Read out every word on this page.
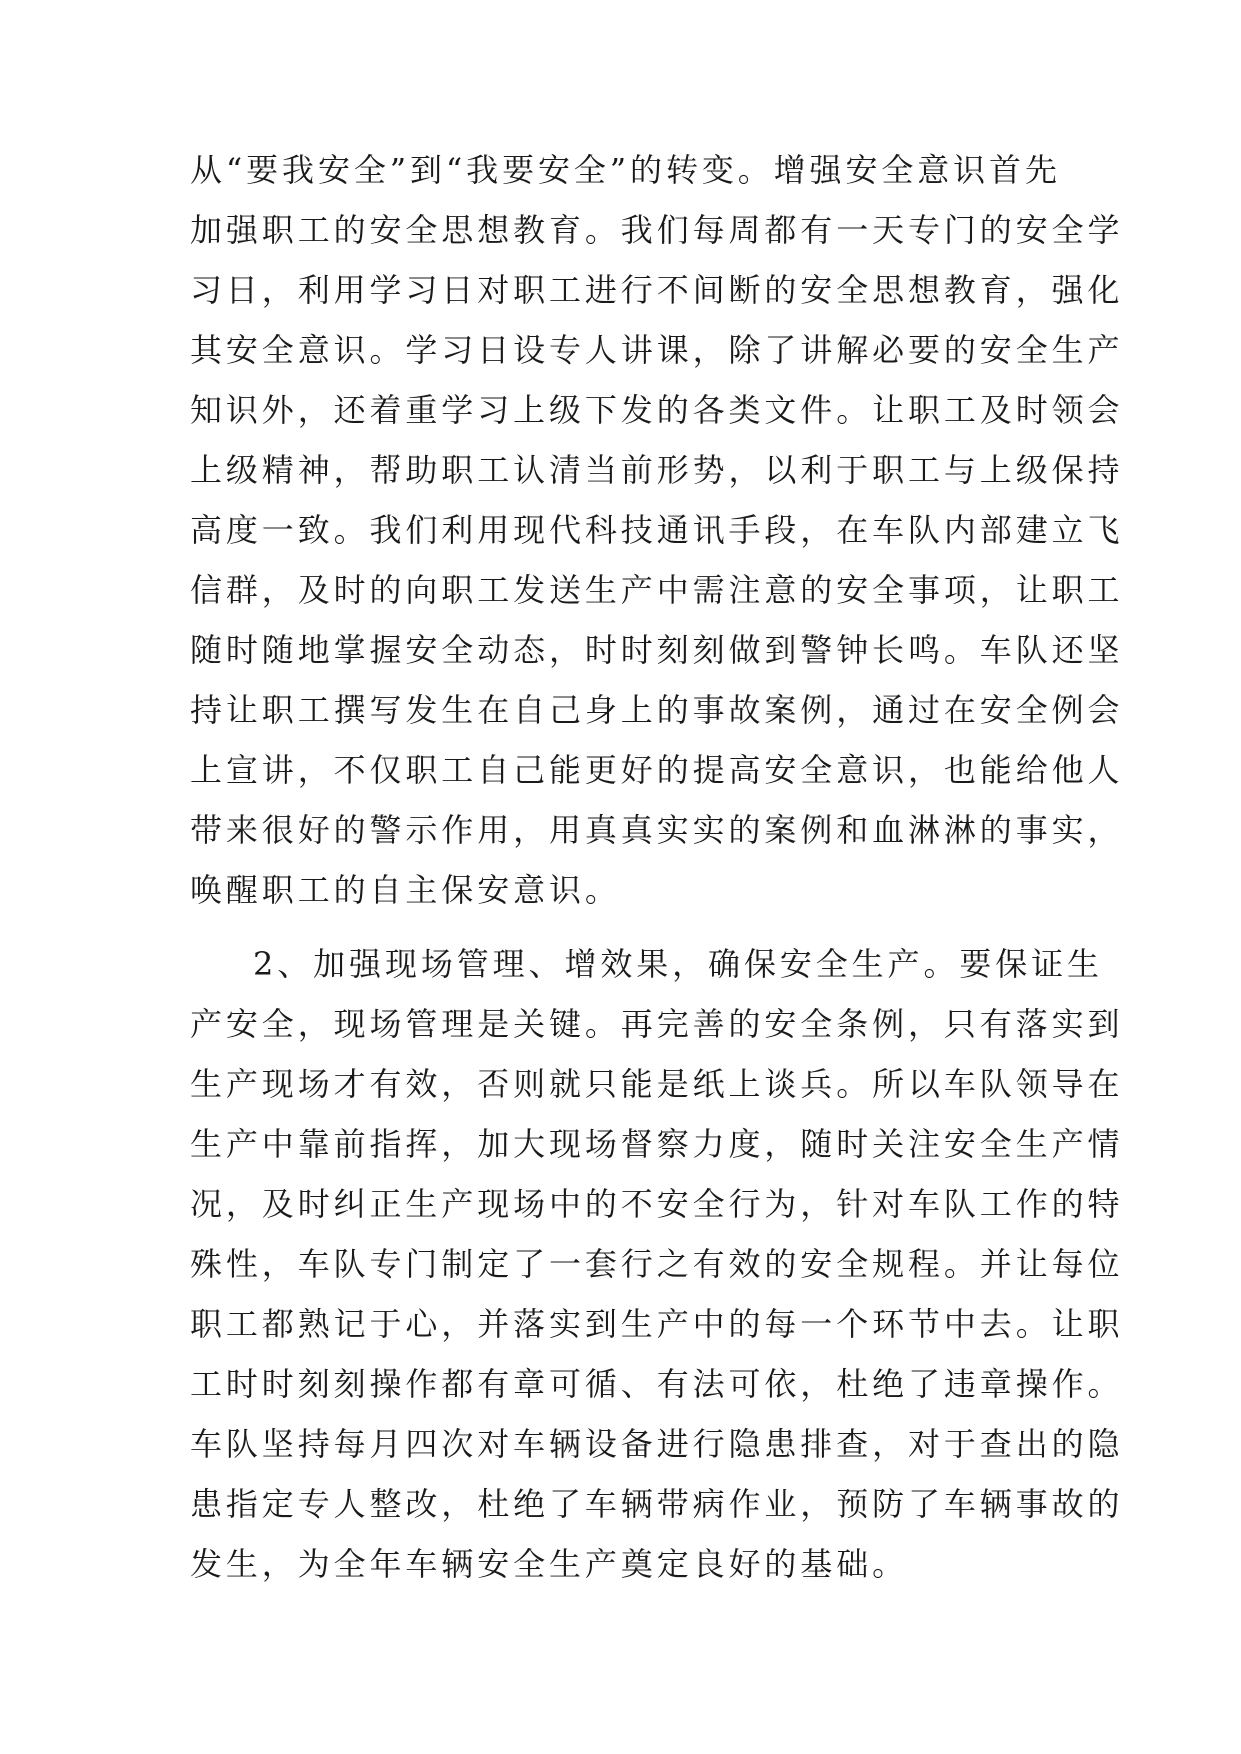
从“要我安全”到“我要安全”的转变。增强安全意识首先
加强职工的安全思想教育。我们每周都有一天专门的安全学
习日，利用学习日对职工进行不间断的安全思想教育，强化
其安全意识。学习日设专人讲课，除了讲解必要的安全生产
知识外，还着重学习上级下发的各类文件。让职工及时领会
上级精神，帮助职工认清当前形势，以利于职工与上级保持
高度一致。我们利用现代科技通讯手段，在车队内部建立飞
信群，及时的向职工发送生产中需注意的安全事项，让职工
随时随地掌握安全动态，时时刻刻做到警钟长鸣。车队还坚
持让职工撰写发生在自己身上的事故案例，通过在安全例会
上宣讲，不仅职工自己能更好的提高安全意识，也能给他人
带来很好的警示作用，用真真实实的案例和血淋淋的事实，
唤醒职工的自主保安意识。
2、加强现场管理、增效果，确保安全生产。要保证生
产安全，现场管理是关键。再完善的安全条例，只有落实到
生产现场才有效，否则就只能是纸上谈兵。所以车队领导在
生产中靠前指挥，加大现场督察力度，随时关注安全生产情
况，及时纠正生产现场中的不安全行为，针对车队工作的特
殊性，车队专门制定了一套行之有效的安全规程。并让每位
职工都熟记于心，并落实到生产中的每一个环节中去。让职
工时时刻刻操作都有章可循、有法可依，杜绝了违章操作。
车队坚持每月四次对车辆设备进行隐患排查，对于查出的隐
患指定专人整改，杜绝了车辆带病作业，预防了车辆事故的
发生，为全年车辆安全生产奠定良好的基础。
